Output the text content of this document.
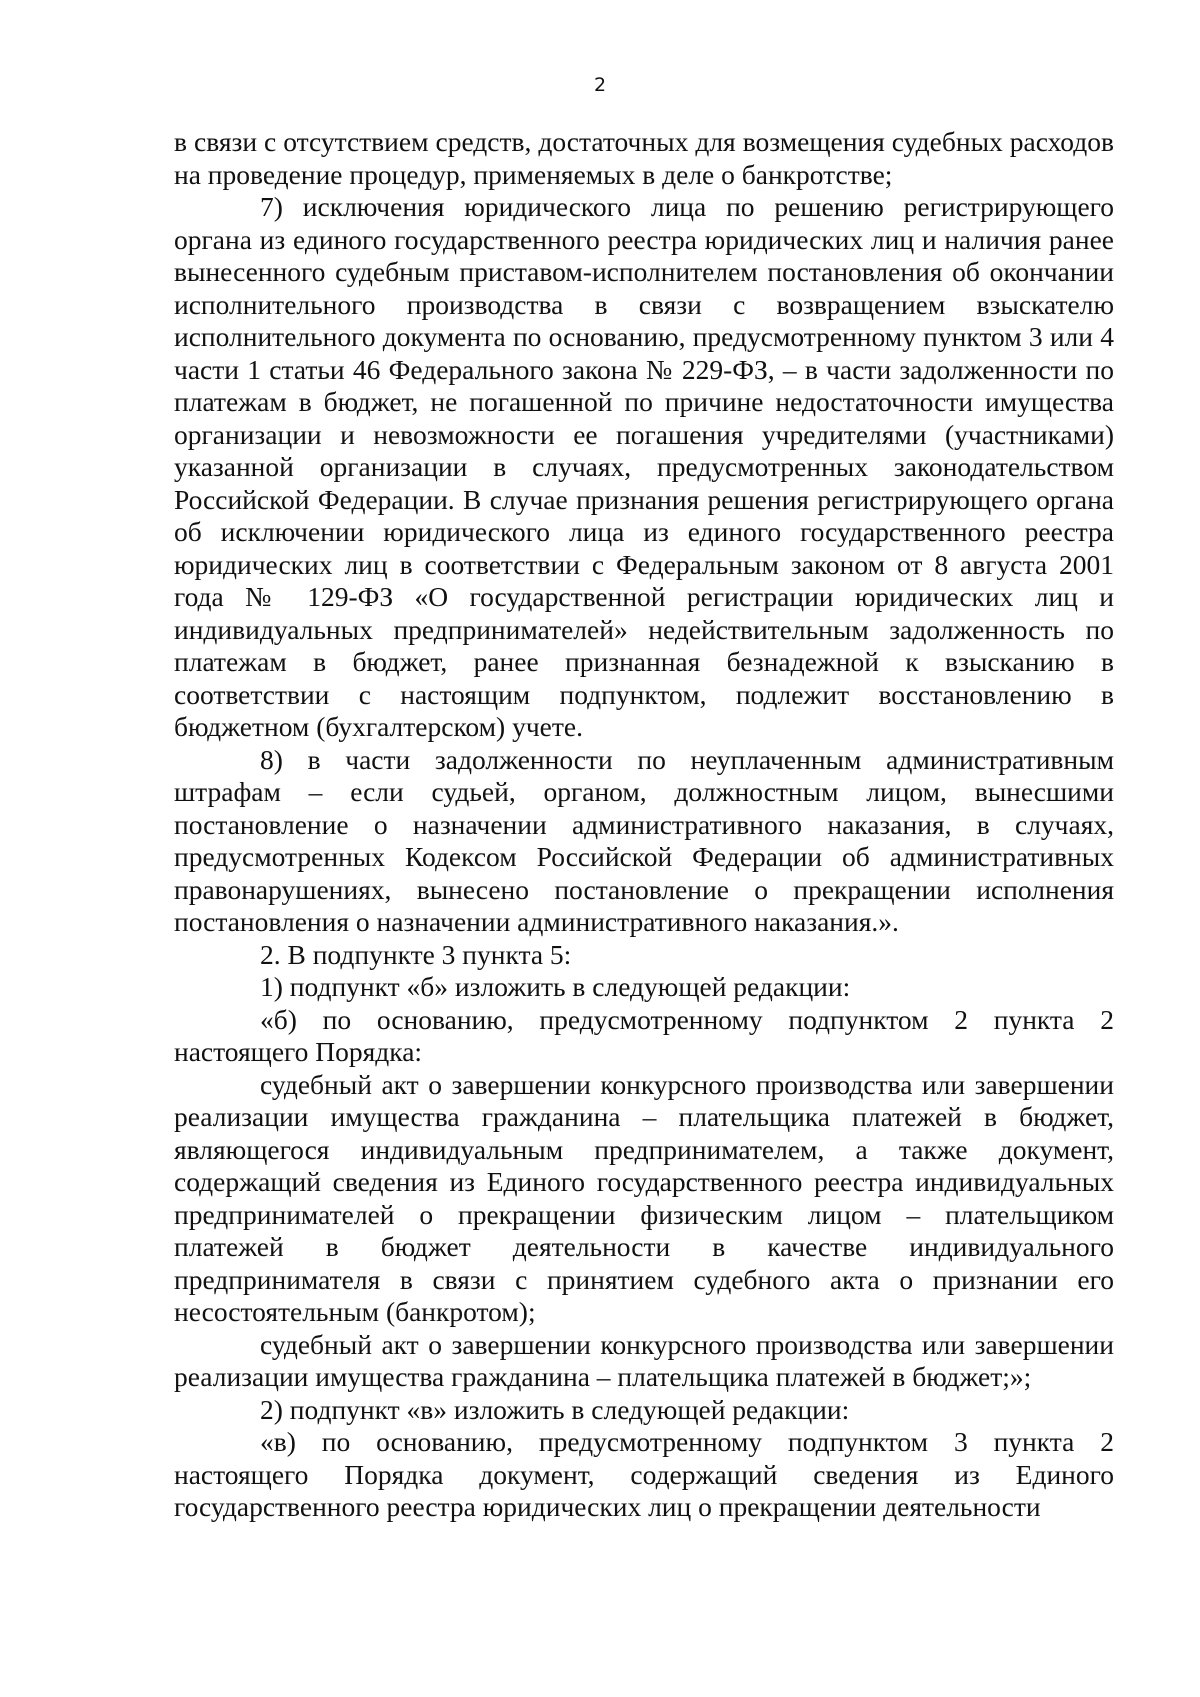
2

в связи с отсутствием средств, достаточных для возмещения судебных расходов на проведение процедур, применяемых в деле о банкротстве;

7) исключения юридического лица по решению регистрирующего органа из единого государственного реестра юридических лиц и наличия ранее вынесенного судебным приставом-исполнителем постановления об окончании исполнительного производства в связи с возвращением взыскателю исполнительного документа по основанию, предусмотренному пунктом 3 или 4 части 1 статьи 46 Федерального закона № 229-ФЗ, – в части задолженности по платежам в бюджет, не погашенной по причине недостаточности имущества организации и невозможности ее погашения учредителями (участниками) указанной организации в случаях, предусмотренных законодательством Российской Федерации. В случае признания решения регистрирующего органа об исключении юридического лица из единого государственного реестра юридических лиц в соответствии с Федеральным законом от 8 августа 2001 года № 129-ФЗ «О государственной регистрации юридических лиц и индивидуальных предпринимателей» недействительным задолженность по платежам в бюджет, ранее признанная безнадежной к взысканию в соответствии с настоящим подпунктом, подлежит восстановлению в бюджетном (бухгалтерском) учете.

8) в части задолженности по неуплаченным административным штрафам – если судьей, органом, должностным лицом, вынесшими постановление о назначении административного наказания, в случаях, предусмотренных Кодексом Российской Федерации об административных правонарушениях, вынесено постановление о прекращении исполнения постановления о назначении административного наказания.».

2. В подпункте 3 пункта 5:

1) подпункт «б» изложить в следующей редакции:

«б) по основанию, предусмотренному подпунктом 2 пункта 2 настоящего Порядка:

судебный акт о завершении конкурсного производства или завершении реализации имущества гражданина – плательщика платежей в бюджет, являющегося индивидуальным предпринимателем, а также документ, содержащий сведения из Единого государственного реестра индивидуальных предпринимателей о прекращении физическим лицом – плательщиком платежей в бюджет деятельности в качестве индивидуального предпринимателя в связи с принятием судебного акта о признании его несостоятельным (банкротом);

судебный акт о завершении конкурсного производства или завершении реализации имущества гражданина – плательщика платежей в бюджет;»;

2) подпункт «в» изложить в следующей редакции:

«в) по основанию, предусмотренному подпунктом 3 пункта 2 настоящего Порядка документ, содержащий сведения из Единого государственного реестра юридических лиц о прекращении деятельности
